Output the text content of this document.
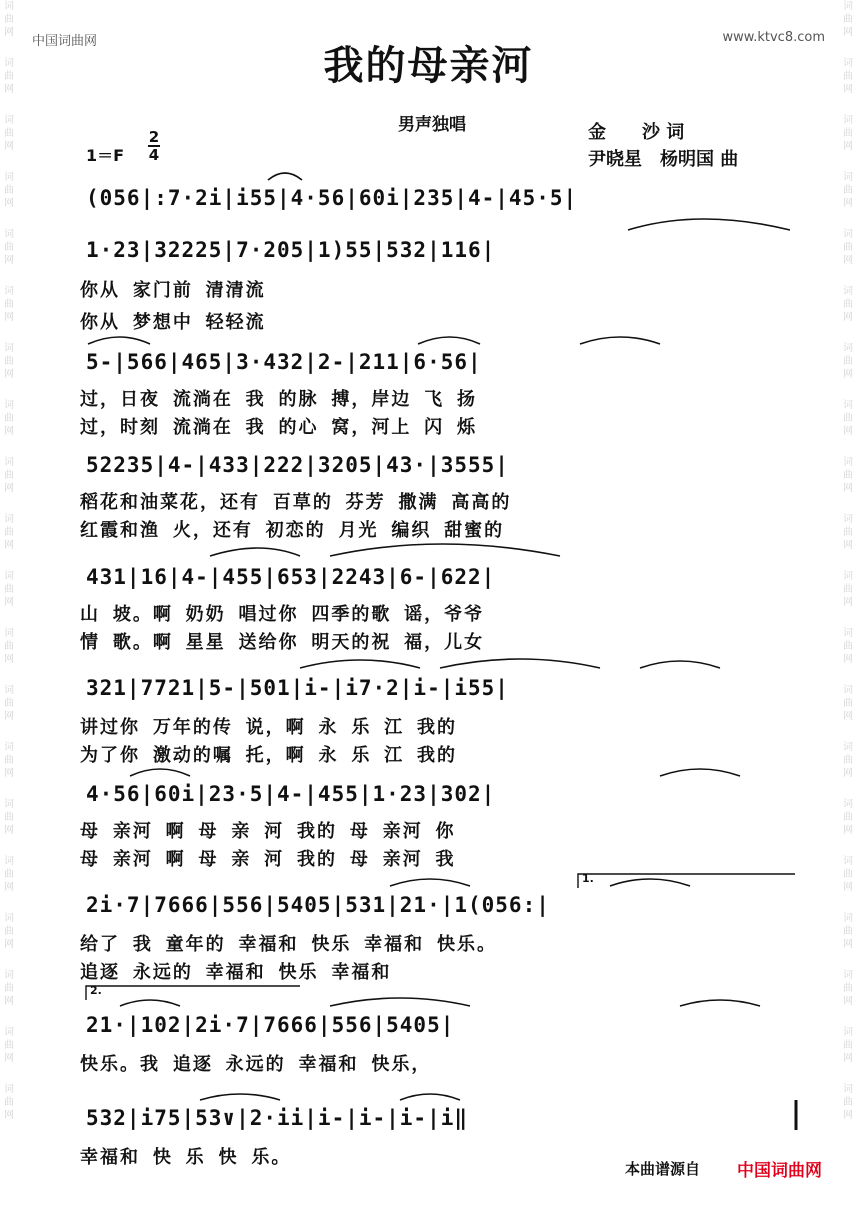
词
曲
网
词
曲
网
词
曲
网
词
曲
网
词
曲
网
词
曲
网
词
曲
网
词
曲
网
词
曲
网
词
曲
网
词
曲
网
词
曲
网
词
曲
网
词
曲
网
词
曲
网
词
曲
网
词
曲
网
词
曲
网
词
曲
网
词
曲
网
词
曲
网
词
曲
网
词
曲
网
词
曲
网
词
曲
网
词
曲
网
词
曲
网
词
曲
网
词
曲
网
词
曲
网
词
曲
网
词
曲
网
词
曲
网
词
曲
网
词
曲
网
词
曲
网
词
曲
网
词
曲
网
词
曲
网
词
曲
网
中国词曲网	www.ktvc8.com
我的母亲河
男声独唱	金　　沙 词
尹晓星　杨明国 曲
1＝F
2
4
(056|:7·2i|i55|4·56|60i|235|4-|45·5|
1·23|32225|7·205|1)55|532|116|
你从 家门前 清清流
你从 梦想中 轻轻流
5-|566|465|3·432|2-|211|6·56|
过，日夜 流淌在 我 的脉 搏，岸边 飞 扬
过，时刻 流淌在 我 的心 窝，河上 闪 烁
52235|4-|433|222|3205|43·|3555|
稻花和油菜花，还有 百草的 芬芳 撒满 高高的
红霞和渔 火，还有 初恋的 月光 编织 甜蜜的
431|16|4-|455|653|2243|6-|622|
山 坡。啊 奶奶 唱过你 四季的歌 谣，爷爷
情 歌。啊 星星 送给你 明天的祝 福，儿女
321|7721|5-|501|i-|i7·2|i-|i55|
讲过你 万年的传 说，啊 永 乐 江 我的
为了你 激动的嘱 托，啊 永 乐 江 我的
4·56|60i|23·5|4-|455|1·23|302|
母 亲河 啊 母 亲 河 我的 母 亲河 你
母 亲河 啊 母 亲 河 我的 母 亲河 我
2i·7|7666|556|5405|531|21·|1(056:|
给了 我 童年的 幸福和 快乐 幸福和 快乐。
追逐 永远的 幸福和 快乐 幸福和
21·|102|2i·7|7666|556|5405|
快乐。我 追逐 永远的 幸福和 快乐，
532|i75|53∨|2·ii|i-|i-|i-|i‖
幸福和 快 乐 快 乐。
1.
2.
本曲谱源自 中国词曲网
